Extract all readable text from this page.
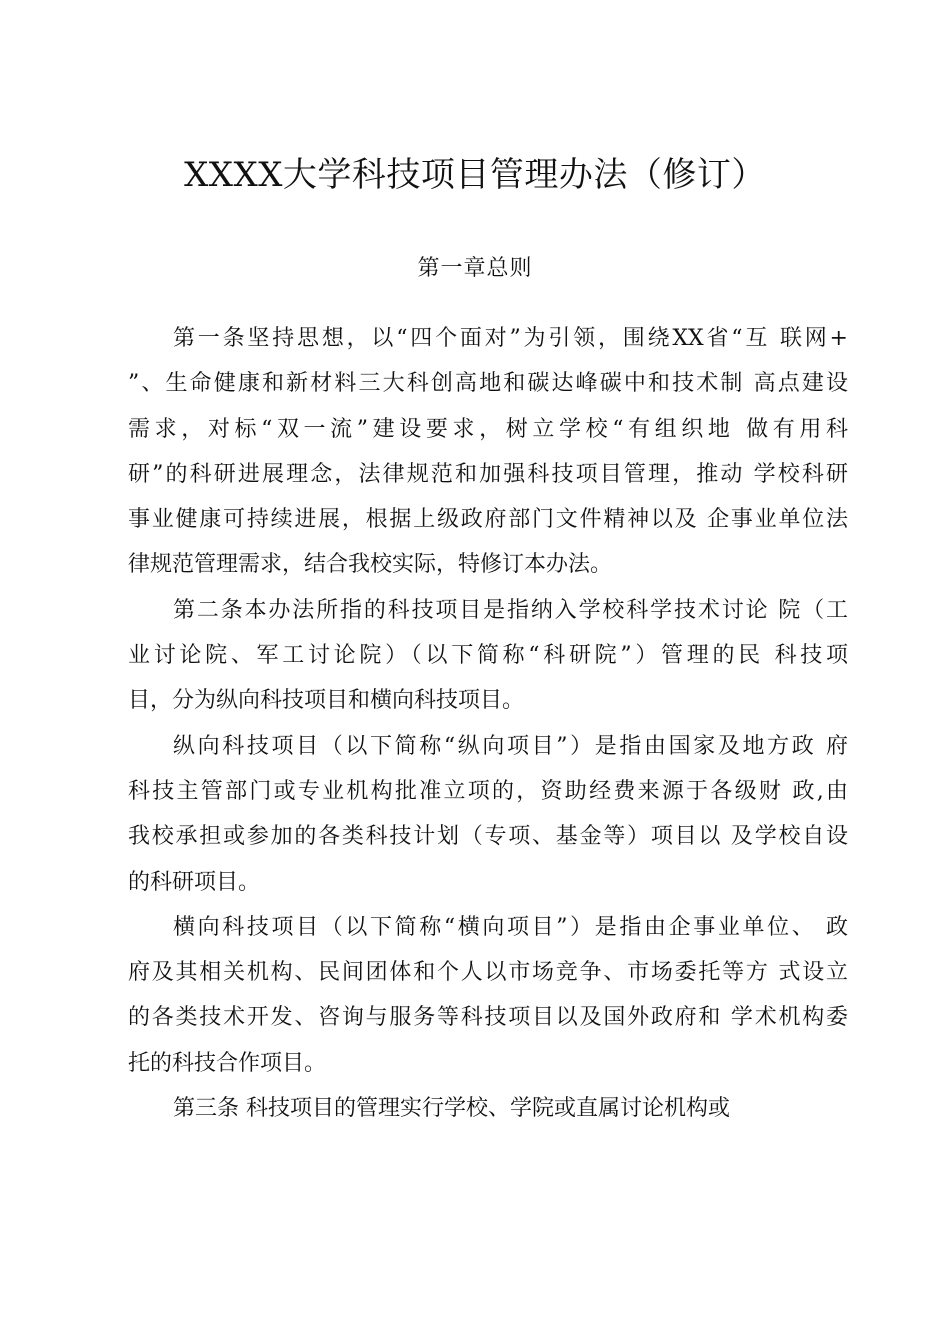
XXXX大学科技项目管理办法（修订）
第一章总则
第一条坚持思想，以“四个面对”为引领，围绕XX省“互 联网+
”、生命健康和新材料三大科创高地和碳达峰碳中和技术制 高点建设
需求，对标“双一流”建设要求，树立学校“有组织地 做有用科
研”的科研进展理念，法律规范和加强科技项目管理，推动 学校科研
事业健康可持续进展，根据上级政府部门文件精神以及 企事业单位法
律规范管理需求，结合我校实际，特修订本办法。
第二条本办法所指的科技项目是指纳入学校科学技术讨论 院（工
业讨论院、军工讨论院）（以下简称“科研院”）管理的民 科技项
目，分为纵向科技项目和横向科技项目。
纵向科技项目（以下简称“纵向项目”）是指由国家及地方政 府
科技主管部门或专业机构批准立项的，资助经费来源于各级财 政,由
我校承担或参加的各类科技计划（专项、基金等）项目以 及学校自设
的科研项目。
横向科技项目（以下简称“横向项目”）是指由企事业单位、 政
府及其相关机构、民间团体和个人以市场竞争、市场委托等方 式设立
的各类技术开发、咨询与服务等科技项目以及国外政府和 学术机构委
托的科技合作项目。
第三条 科技项目的管理实行学校、学院或直属讨论机构或
